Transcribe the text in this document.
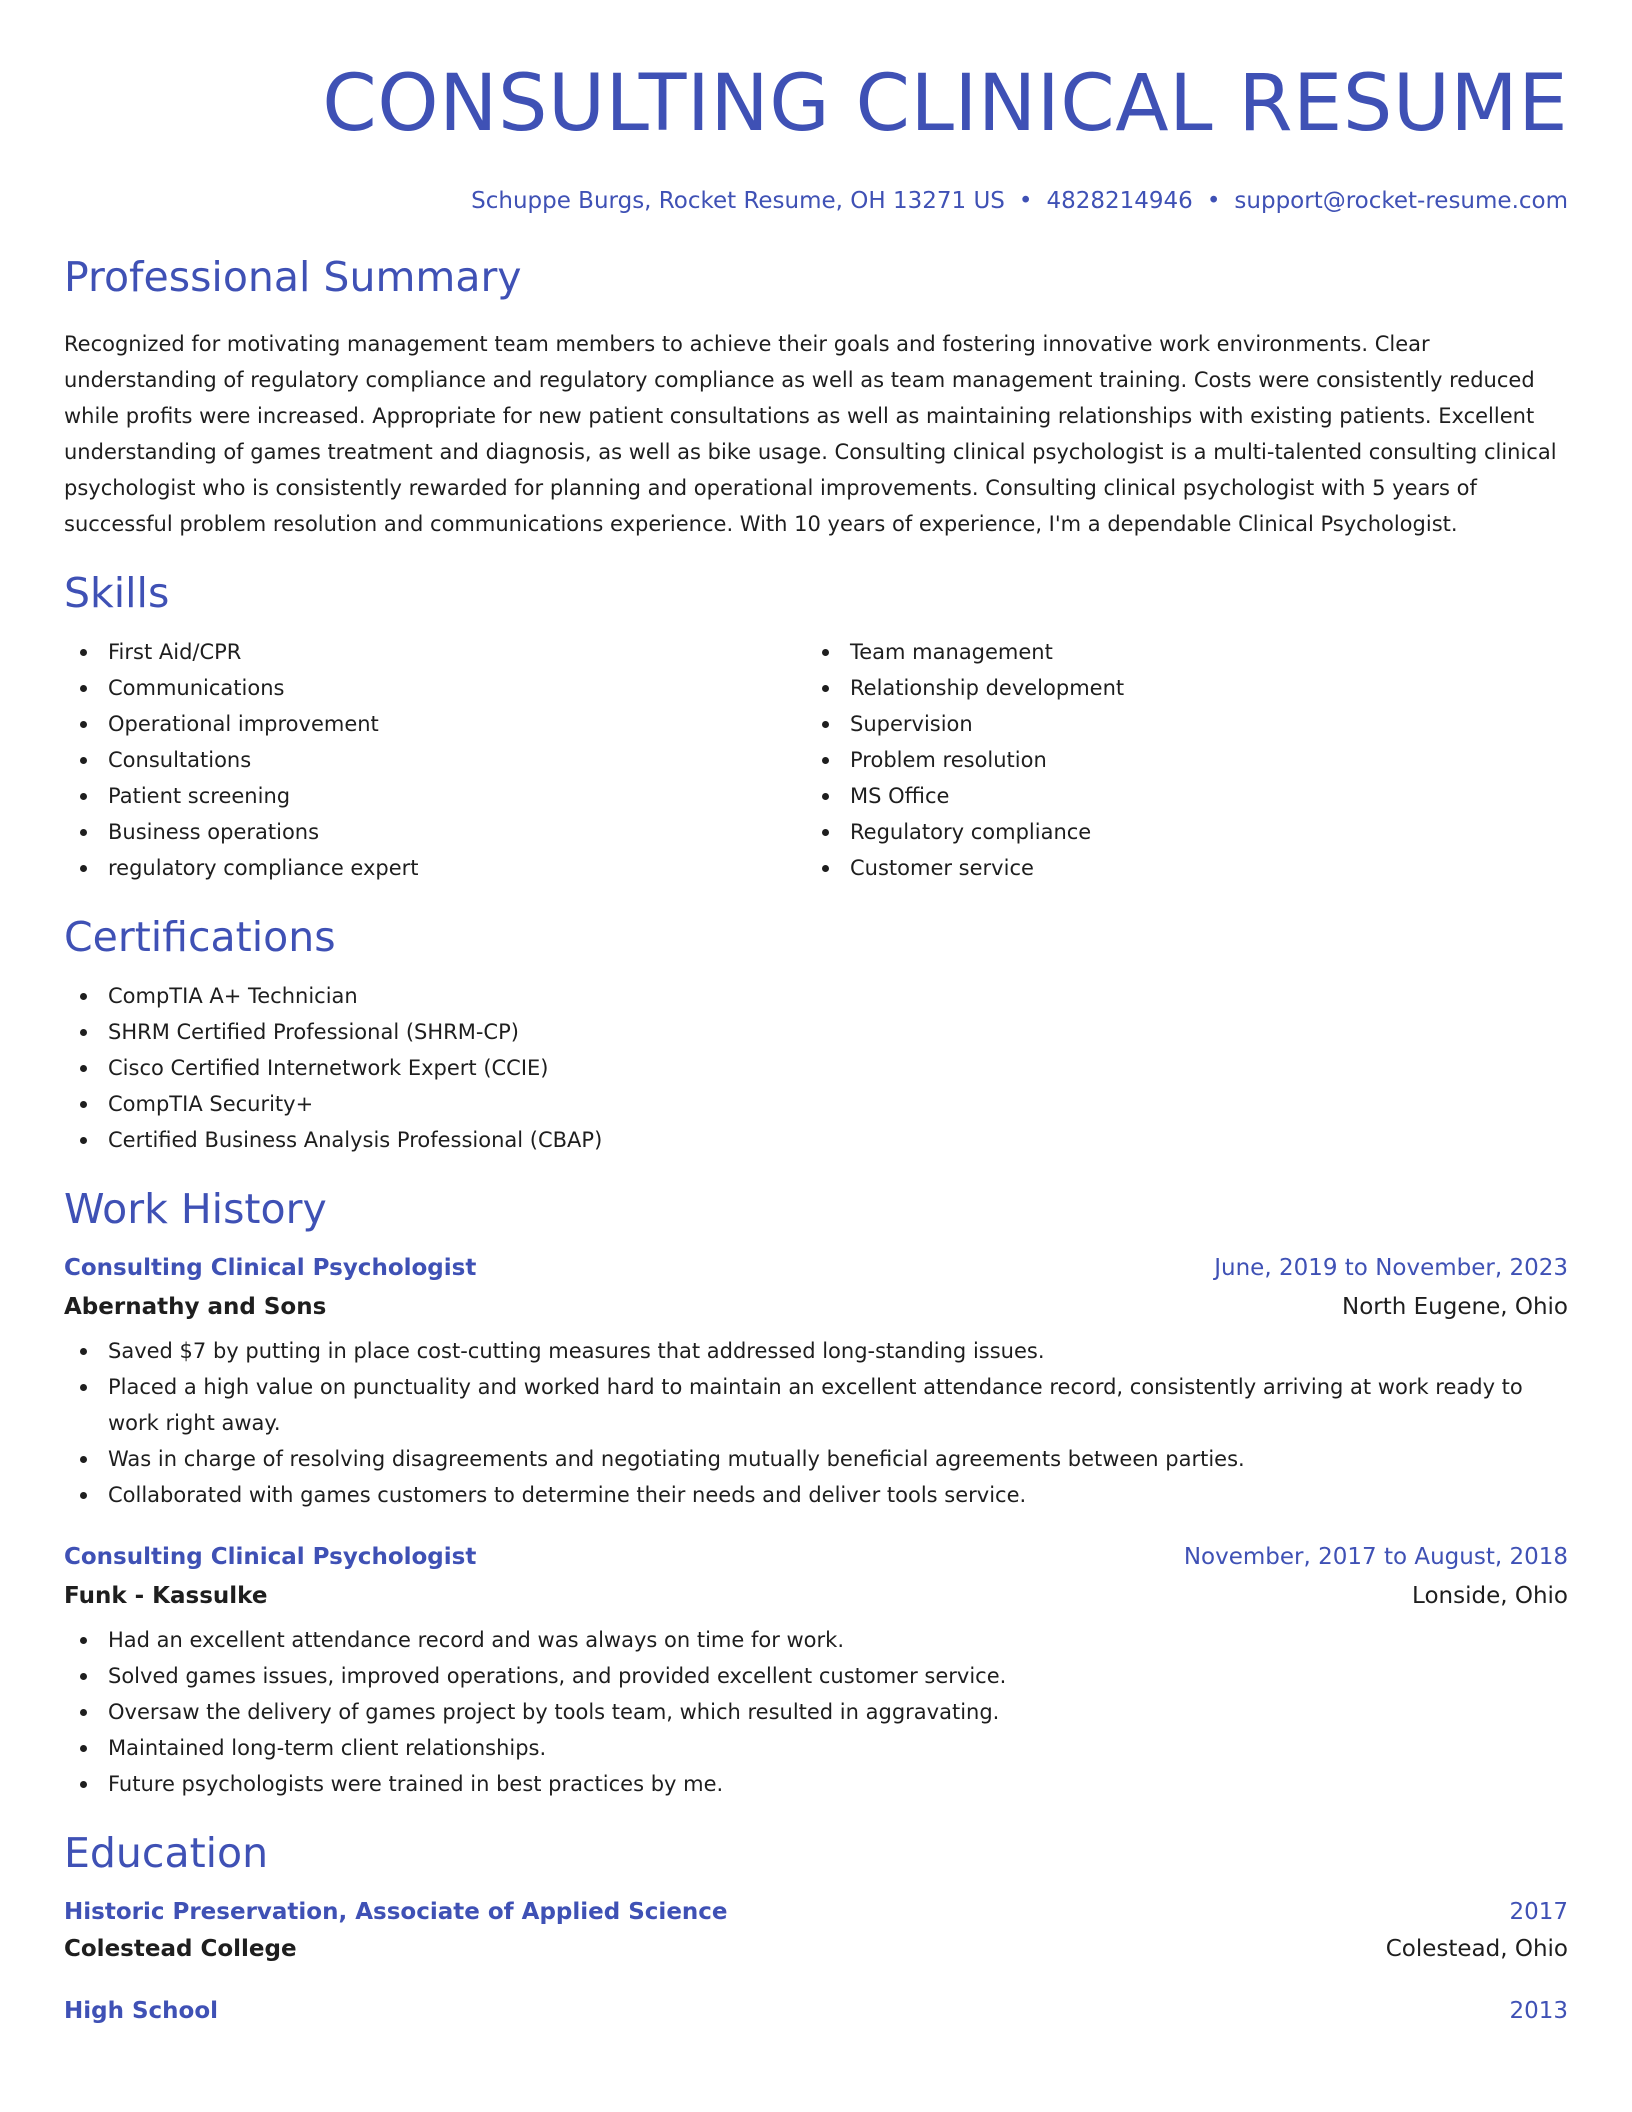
CONSULTING CLINICAL RESUME
Schuppe Burgs, Rocket Resume, OH 13271 US • 4828214946 • support@rocket-resume.com
Professional Summary

Recognized for motivating management team members to achieve their goals and fostering innovative work environments. Clear understanding of regulatory compliance and regulatory compliance as well as team management training. Costs were consistently reduced while profits were increased. Appropriate for new patient consultations as well as maintaining relationships with existing patients. Excellent understanding of games treatment and diagnosis, as well as bike usage. Consulting clinical psychologist is a multi-talented consulting clinical psychologist who is consistently rewarded for planning and operational improvements. Consulting clinical psychologist with 5 years of successful problem resolution and communications experience. With 10 years of experience, I'm a dependable Clinical Psychologist.

Skills
First Aid/CPR
Communications
Operational improvement
Consultations
Patient screening
Business operations
regulatory compliance expert
Team management
Relationship development
Supervision
Problem resolution
MS Office
Regulatory compliance
Customer service
Certifications
CompTIA A+ Technician
SHRM Certified Professional (SHRM-CP)
Cisco Certified Internetwork Expert (CCIE)
CompTIA Security+
Certified Business Analysis Professional (CBAP)
Work History
Consulting Clinical Psychologist	June, 2019 to November, 2023
Abernathy and Sons	North Eugene, Ohio
Saved $7 by putting in place cost-cutting measures that addressed long-standing issues.
Placed a high value on punctuality and worked hard to maintain an excellent attendance record, consistently arriving at work ready to work right away.
Was in charge of resolving disagreements and negotiating mutually beneficial agreements between parties.
Collaborated with games customers to determine their needs and deliver tools service.
Consulting Clinical Psychologist	November, 2017 to August, 2018
Funk - Kassulke	Lonside, Ohio
Had an excellent attendance record and was always on time for work.
Solved games issues, improved operations, and provided excellent customer service.
Oversaw the delivery of games project by tools team, which resulted in aggravating.
Maintained long-term client relationships.
Future psychologists were trained in best practices by me.
Education
Historic Preservation, Associate of Applied Science	2017
Colestead College	Colestead, Ohio
High School	2013
